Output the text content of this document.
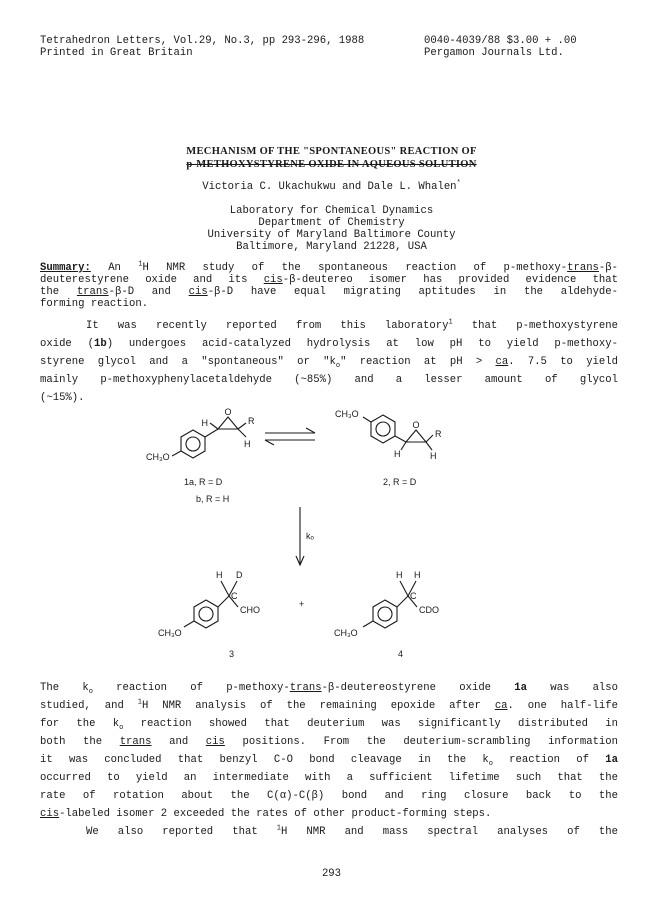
Tetrahedron Letters, Vol.29, No.3, pp 293-296, 1988
Printed in Great Britain
0040-4039/88 $3.00 + .00
Pergamon Journals Ltd.
MECHANISM OF THE "SPONTANEOUS" REACTION OF
p-METHOXYSTYRENE OXIDE IN AQUEOUS SOLUTION
Victoria C. Ukachukwu and Dale L. Whalen*
Laboratory for Chemical Dynamics
Department of Chemistry
University of Maryland Baltimore County
Baltimore, Maryland 21228, USA
Summary: An $^1$H NMR study of the spontaneous reaction of p-methoxy-trans-β-
deuterestyrene oxide and its cis-β-deutereo isomer has provided evidence that
the trans-β-D and cis-β-D have equal migrating aptitudes in the aldehyde-
forming reaction.
It was recently reported from this laboratory$^1$ that p-methoxystyrene
oxide (1b) undergoes acid-catalyzed hydrolysis at low pH to yield p-methoxy-
styrene glycol and a "spontaneous" or "$k_o$" reaction at pH > ca. 7.5 to yield
mainly p-methoxyphenylacetaldehyde (~85%) and a lesser amount of glycol
(~15%).
H
O
R
H
CH₃O
1a, R = D
b, R = H
CH₃O
O
R
H	H
2, R = D
kₒ
H D
C
CHO
CH₃O
3
+
H H
C
CDO
CH₃O
4
The $k_o$ reaction of p-methoxy-trans-β-deutereostyrene oxide 1a was also
studied, and $^1$H NMR analysis of the remaining epoxide after ca. one half-life
for the $k_o$ reaction showed that deuterium was significantly distributed in
both the trans and cis positions. From the deuterium-scrambling information
it was concluded that benzyl C-O bond cleavage in the $k_o$ reaction of 1a
occurred to yield an intermediate with a sufficient lifetime such that the
rate of rotation about the C(α)-C(β) bond and ring closure back to the
cis-labeled isomer 2 exceeded the rates of other product-forming steps.
We also reported that $^1$H NMR and mass spectral analyses of the
293
